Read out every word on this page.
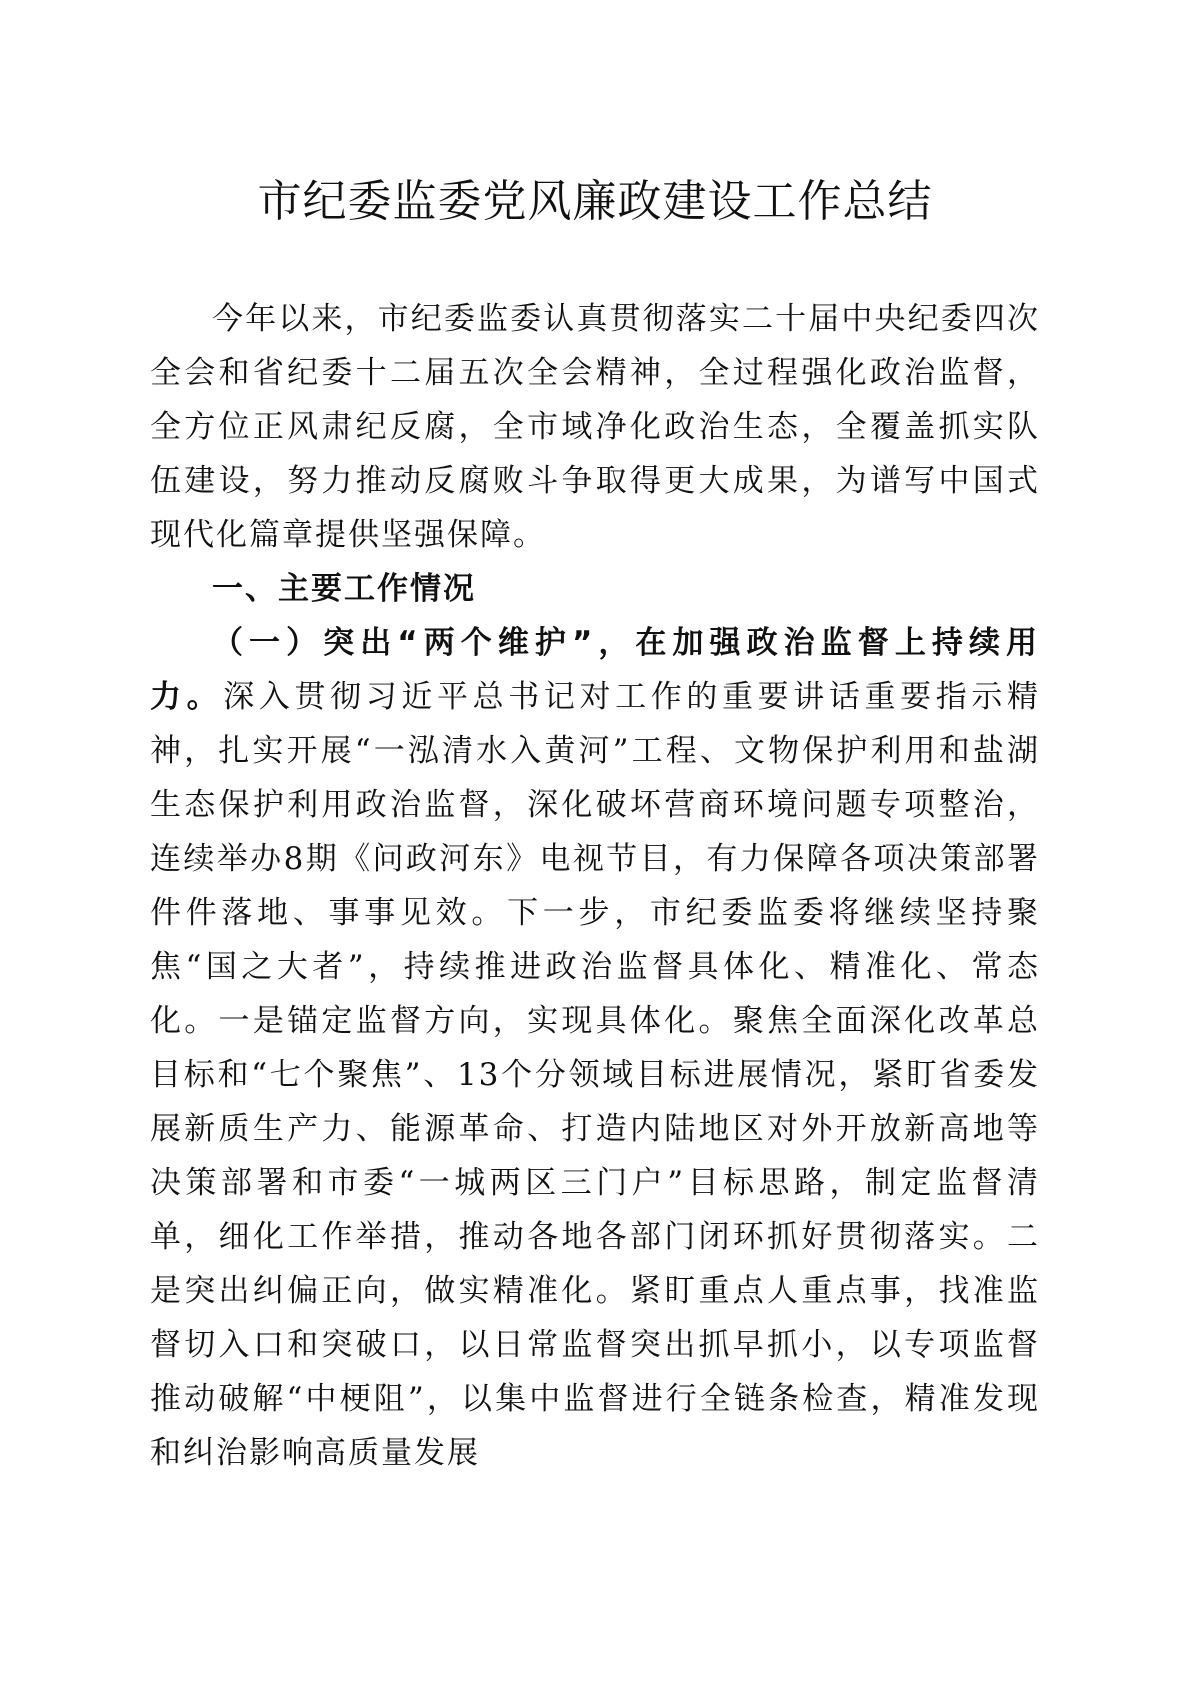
市纪委监委党风廉政建设工作总结

今年以来，市纪委监委认真贯彻落实二十届中央纪委四次全会和省纪委十二届五次全会精神，全过程强化政治监督，全方位正风肃纪反腐，全市域净化政治生态，全覆盖抓实队伍建设，努力推动反腐败斗争取得更大成果，为谱写中国式现代化篇章提供坚强保障。

一、主要工作情况

（一）突出“两个维护”，在加强政治监督上持续用力。深入贯彻习近平总书记对工作的重要讲话重要指示精神，扎实开展“一泓清水入黄河”工程、文物保护利用和盐湖生态保护利用政治监督，深化破坏营商环境问题专项整治，连续举办8期《问政河东》电视节目，有力保障各项决策部署件件落地、事事见效。下一步，市纪委监委将继续坚持聚焦“国之大者”，持续推进政治监督具体化、精准化、常态化。一是锚定监督方向，实现具体化。聚焦全面深化改革总目标和“七个聚焦”、13个分领域目标进展情况，紧盯省委发展新质生产力、能源革命、打造内陆地区对外开放新高地等决策部署和市委“一城两区三门户”目标思路，制定监督清单，细化工作举措，推动各地各部门闭环抓好贯彻落实。二是突出纠偏正向，做实精准化。紧盯重点人重点事，找准监督切入口和突破口，以日常监督突出抓早抓小，以专项监督推动破解“中梗阻”，以集中监督进行全链条检查，精准发现和纠治影响高质量发展
